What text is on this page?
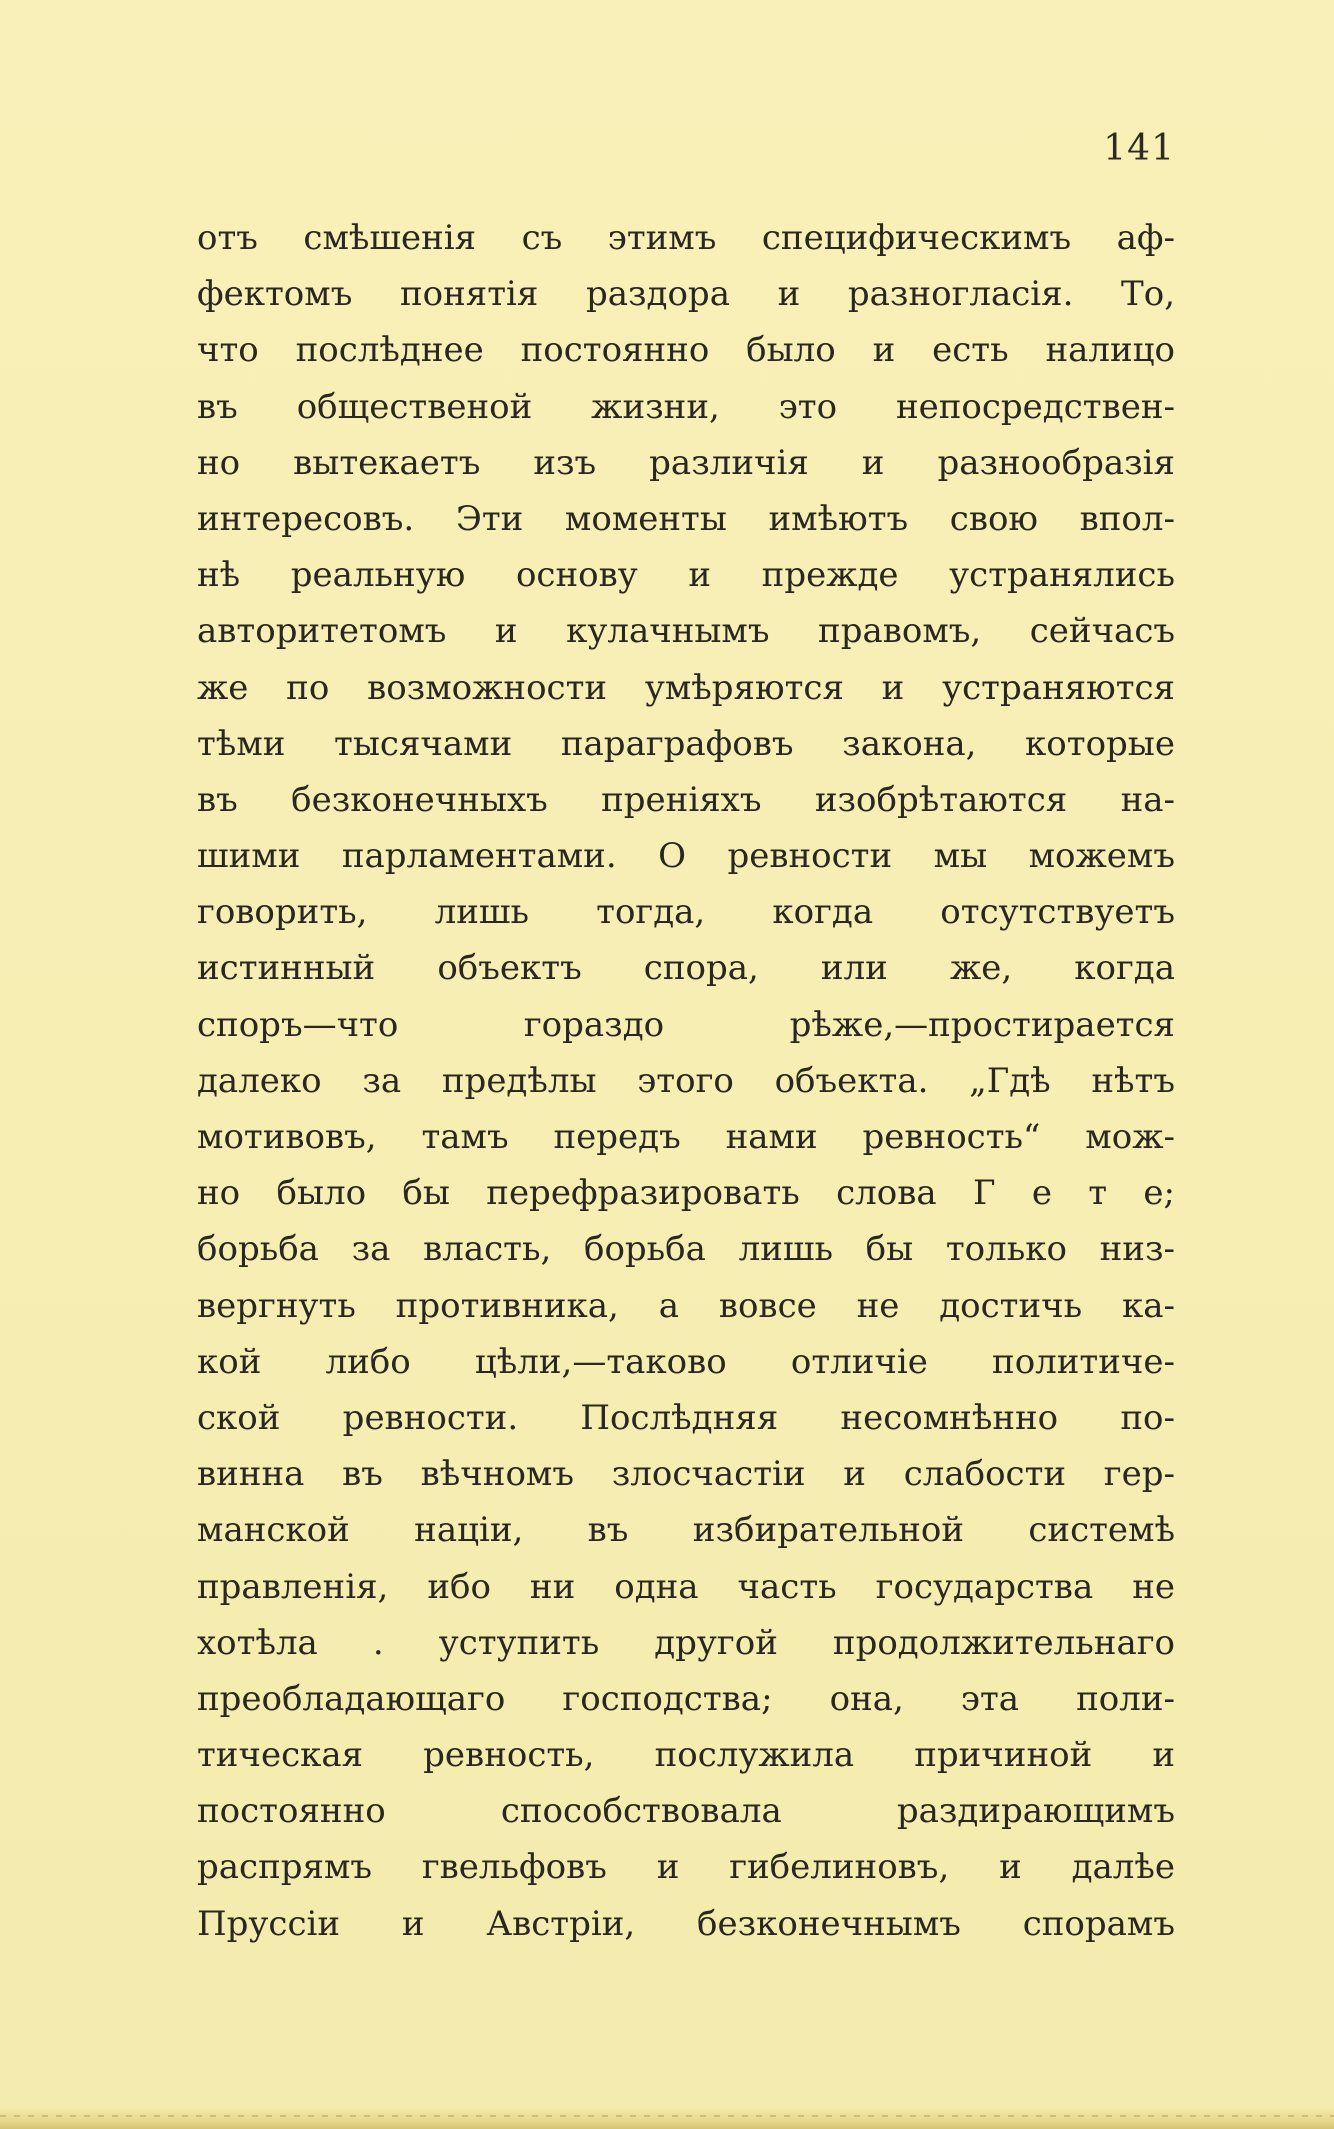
141
отъ смѣшенія съ этимъ специфическимъ аф-
фектомъ понятія раздора и разногласія. То,
что послѣднее постоянно было и есть налицо
въ общественой жизни, это непосредствен-
но вытекаетъ изъ различія и разнообразія
интересовъ. Эти моменты имѣютъ свою впол-
нѣ реальную основу и прежде устранялись
авторитетомъ и кулачнымъ правомъ, сейчасъ
же по возможности умѣряются и устраняются
тѣми тысячами параграфовъ закона, которые
въ безконечныхъ преніяхъ изобрѣтаются на-
шими парламентами. О ревности мы можемъ
говорить, лишь тогда, когда отсутствуетъ
истинный объектъ спора, или же, когда
споръ—что гораздо рѣже,—простирается
далеко за предѣлы этого объекта. „Гдѣ нѣтъ
мотивовъ, тамъ передъ нами ревность“ мож-
но было бы перефразировать слова Г е т е;
борьба за власть, борьба лишь бы только низ-
вергнуть противника, а вовсе не достичь ка-
кой либо цѣли,—таково отличіе политиче-
ской ревности. Послѣдняя несомнѣнно по-
винна въ вѣчномъ злосчастіи и слабости гер-
манской націи, въ избирательной системѣ
правленія, ибо ни одна часть государства не
хотѣла . уступить другой продолжительнаго
преобладающаго господства; она, эта поли-
тическая ревность, послужила причиной и
постоянно способствовала раздирающимъ
распрямъ гвельфовъ и гибелиновъ, и далѣе
Пруссіи и Австріи, безконечнымъ спорамъ
